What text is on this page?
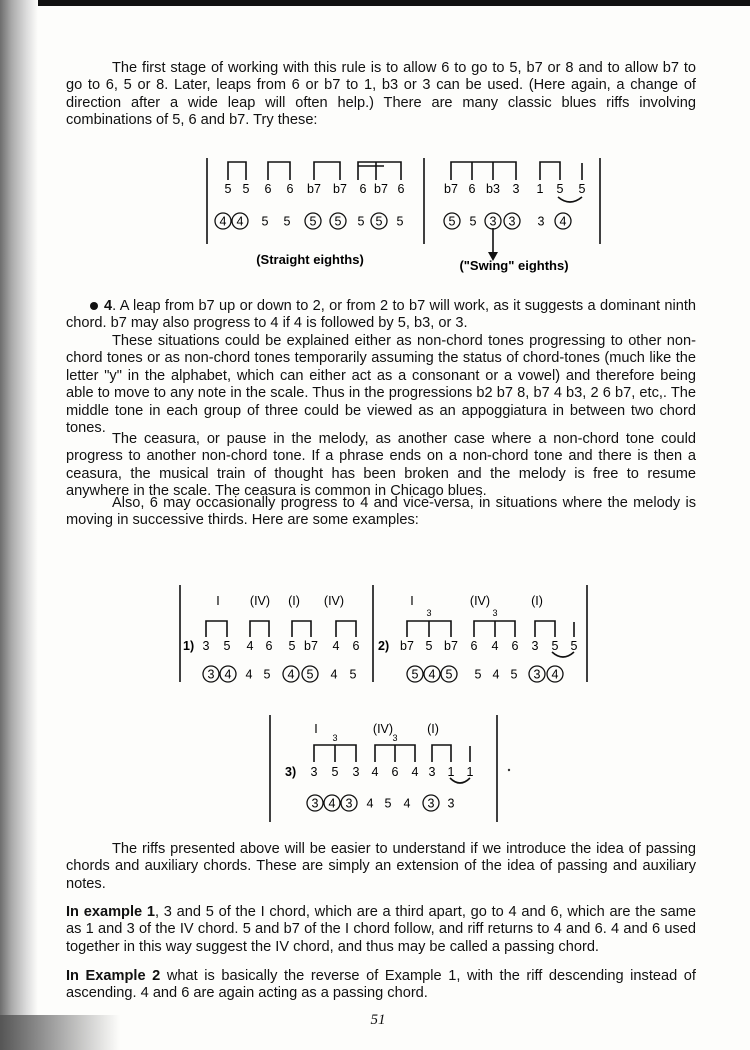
The first stage of working with this rule is to allow 6 to go to 5, b7 or 8 and to allow b7 to go to 6, 5 or 8. Later, leaps from 6 or b7 to 1, b3 or 3 can be used. (Here again, a change of direction after a wide leap will often help.) There are many classic blues riffs involving combinations of 5, 6 and b7. Try these:

5 5 6 6 b7 b7 6 b7 6
4 4 5 5 5 5 5 5 5
b7 6 b3 3 1 5 5
5 5 3 3 3 4
(Straight eighths)	("Swing" eighths)

4. A leap from b7 up or down to 2, or from 2 to b7 will work, as it suggests a dominant ninth chord. b7 may also progress to 4 if 4 is followed by 5, b3, or 3.

These situations could be explained either as non-chord tones progressing to other non-chord tones or as non-chord tones temporarily assuming the status of chord-tones (much like the letter "y" in the alphabet, which can either act as a consonant or a vowel) and therefore being able to move to any note in the scale. Thus in the progressions b2 b7 8, b7 4 b3, 2 6 b7, etc,. The middle tone in each group of three could be viewed as an appoggiatura in between two chord tones.

The ceasura, or pause in the melody, as another case where a non-chord tone could progress to another non-chord tone. If a phrase ends on a non-chord tone and there is then a ceasura, the musical train of thought has been broken and the melody is free to resume anywhere in the scale. The ceasura is common in Chicago blues.

Also, 6 may occasionally progress to 4 and vice-versa, in situations where the melody is moving in successive thirds. Here are some examples:

I (IV) (I) (IV)
1) 3 5 4 6 5 b7 4 6
3 4 4 5 4 5 4 5
I	(IV)	(I)
3	3
2) b7 5 b7 6 4 6 3 5 5
5 4 5 5 4 5 3 4
I	(IV)	(I)
3	3
3) 3 5 3 4 6 4 3 1 1
3 4 3 4 5 4 3 3

The riffs presented above will be easier to understand if we introduce the idea of passing chords and auxiliary chords. These are simply an extension of the idea of passing and auxiliary notes.

In example 1, 3 and 5 of the I chord, which are a third apart, go to 4 and 6, which are the same as 1 and 3 of the IV chord. 5 and b7 of the I chord follow, and riff returns to 4 and 6. 4 and 6 used together in this way suggest the IV chord, and thus may be called a passing chord.

In Example 2 what is basically the reverse of Example 1, with the riff descending instead of ascending. 4 and 6 are again acting as a passing chord.

51
